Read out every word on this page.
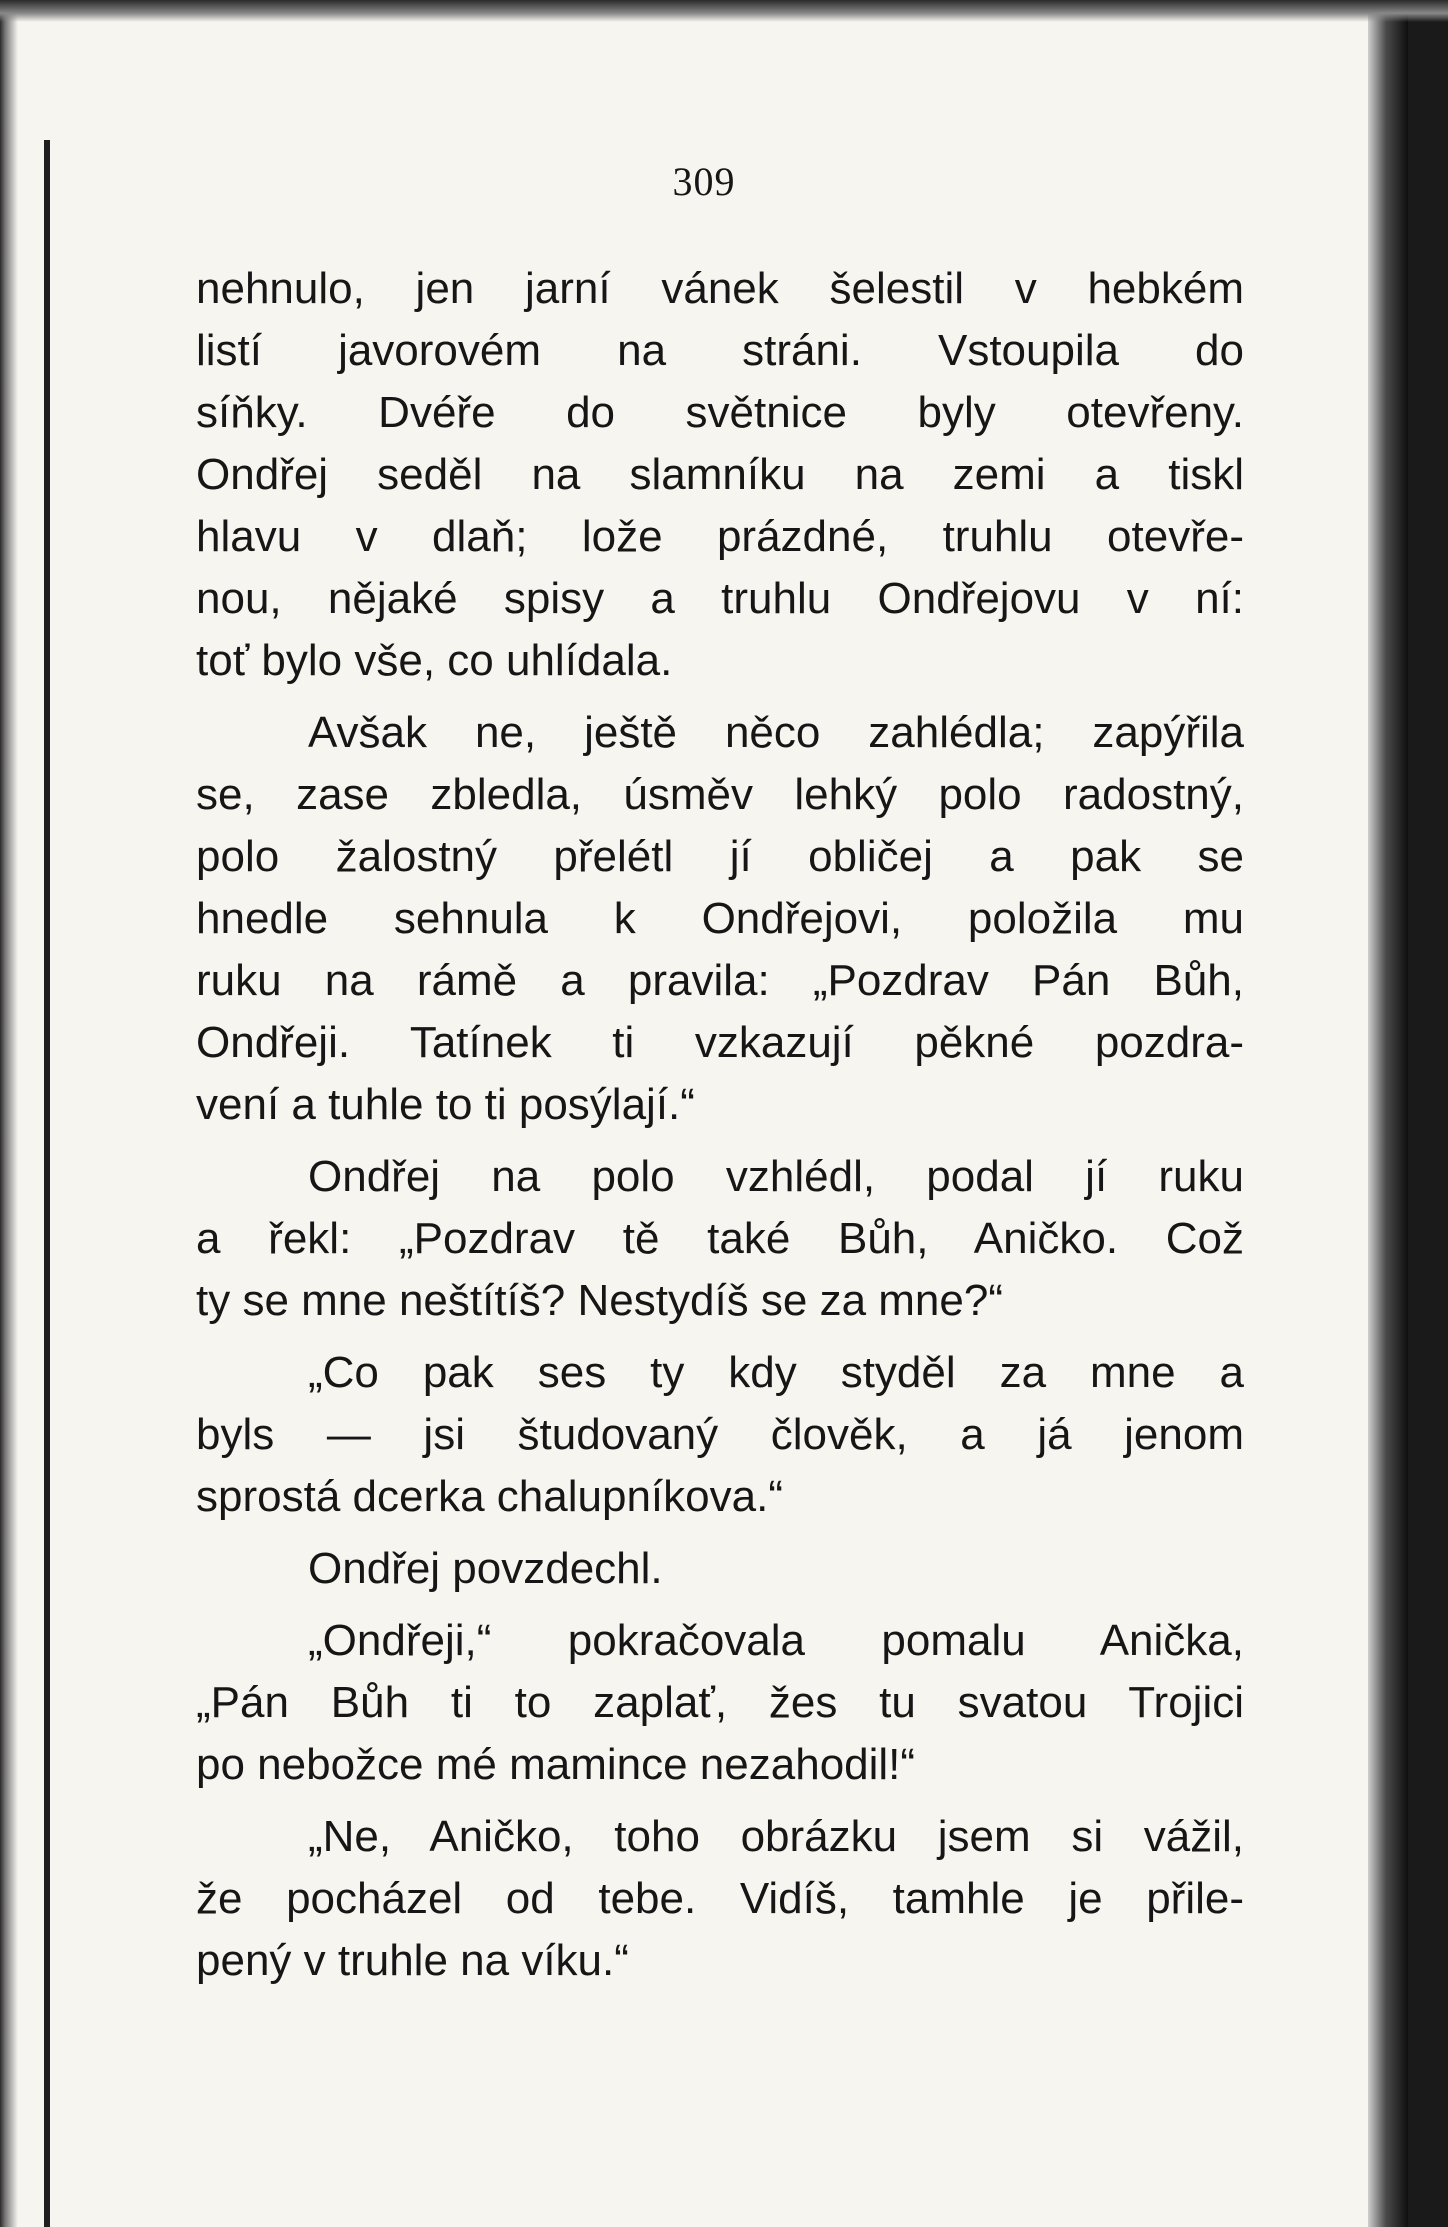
309
nehnulo, jen jarní vánek šelestil v hebkém
listí javorovém na stráni. Vstoupila do
síňky. Dvéře do světnice byly otevřeny.
Ondřej seděl na slamníku na zemi a tiskl
hlavu v dlaň; lože prázdné, truhlu otevře-
nou, nějaké spisy a truhlu Ondřejovu v ní:
toť bylo vše, co uhlídala.
Avšak ne, ještě něco zahlédla; zapýřila
se, zase zbledla, úsměv lehký polo radostný,
polo žalostný přelétl jí obličej a pak se
hnedle sehnula k Ondřejovi, položila mu
ruku na rámě a pravila: „Pozdrav Pán Bůh,
Ondřeji. Tatínek ti vzkazují pěkné pozdra-
vení a tuhle to ti posýlají.“
Ondřej na polo vzhlédl, podal jí ruku
a řekl: „Pozdrav tě také Bůh, Aničko. Což
ty se mne neštítíš? Nestydíš se za mne?“
„Co pak ses ty kdy styděl za mne a
byls — jsi študovaný člověk, a já jenom
sprostá dcerka chalupníkova.“
Ondřej povzdechl.
„Ondřeji,“ pokračovala pomalu Anička,
„Pán Bůh ti to zaplať, žes tu svatou Trojici
po nebožce mé mamince nezahodil!“
„Ne, Aničko, toho obrázku jsem si vážil,
že pocházel od tebe. Vidíš, tamhle je přile-
pený v truhle na víku.“
